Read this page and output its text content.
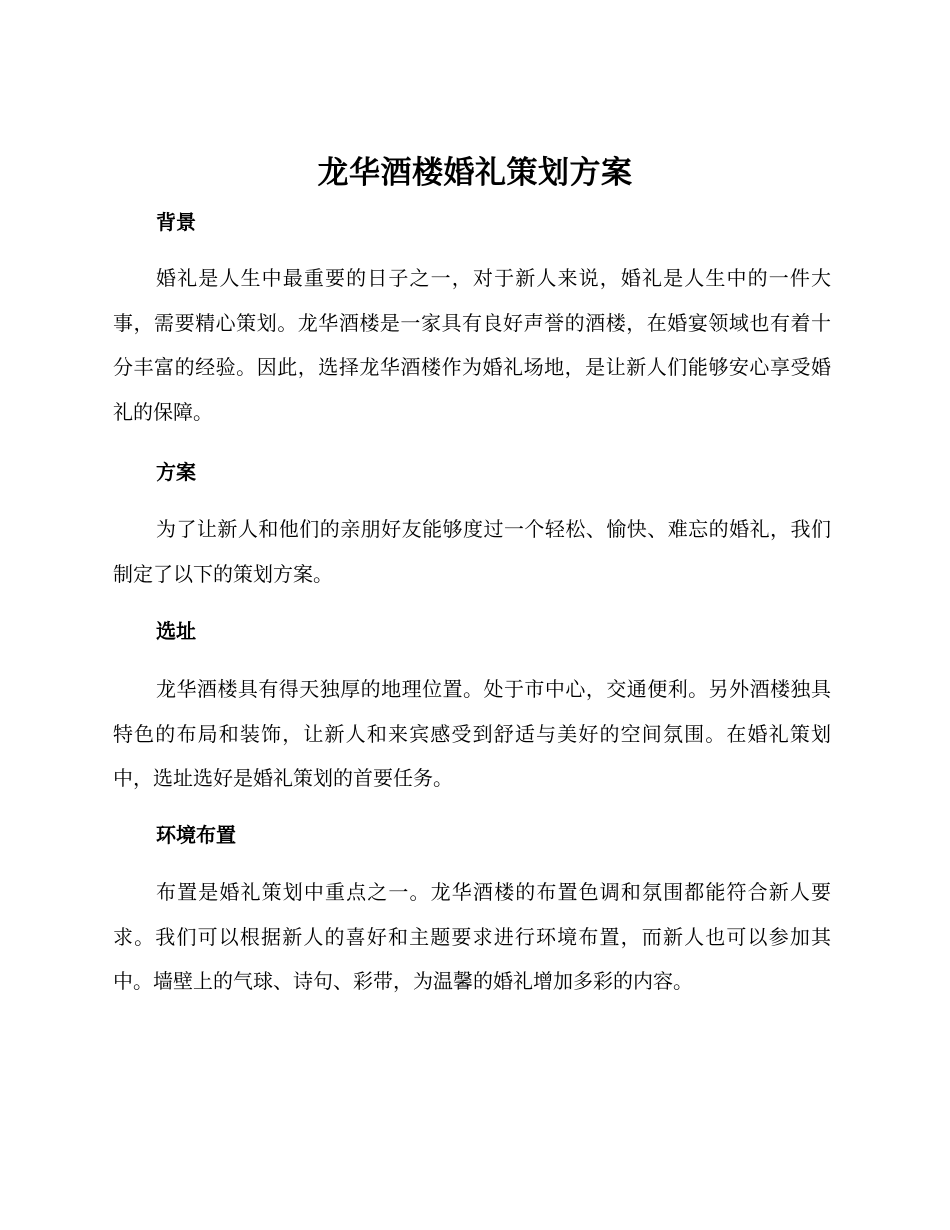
龙华酒楼婚礼策划方案
背景

婚礼是人生中最重要的日子之一，对于新人来说，婚礼是人生中的一件大事，需要精心策划。龙华酒楼是一家具有良好声誉的酒楼，在婚宴领域也有着十分丰富的经验。因此，选择龙华酒楼作为婚礼场地，是让新人们能够安心享受婚礼的保障。

方案

为了让新人和他们的亲朋好友能够度过一个轻松、愉快、难忘的婚礼，我们制定了以下的策划方案。

选址

龙华酒楼具有得天独厚的地理位置。处于市中心，交通便利。另外酒楼独具特色的布局和装饰，让新人和来宾感受到舒适与美好的空间氛围。在婚礼策划中，选址选好是婚礼策划的首要任务。

环境布置

布置是婚礼策划中重点之一。龙华酒楼的布置色调和氛围都能符合新人要求。我们可以根据新人的喜好和主题要求进行环境布置，而新人也可以参加其中。墙壁上的气球、诗句、彩带，为温馨的婚礼增加多彩的内容。
